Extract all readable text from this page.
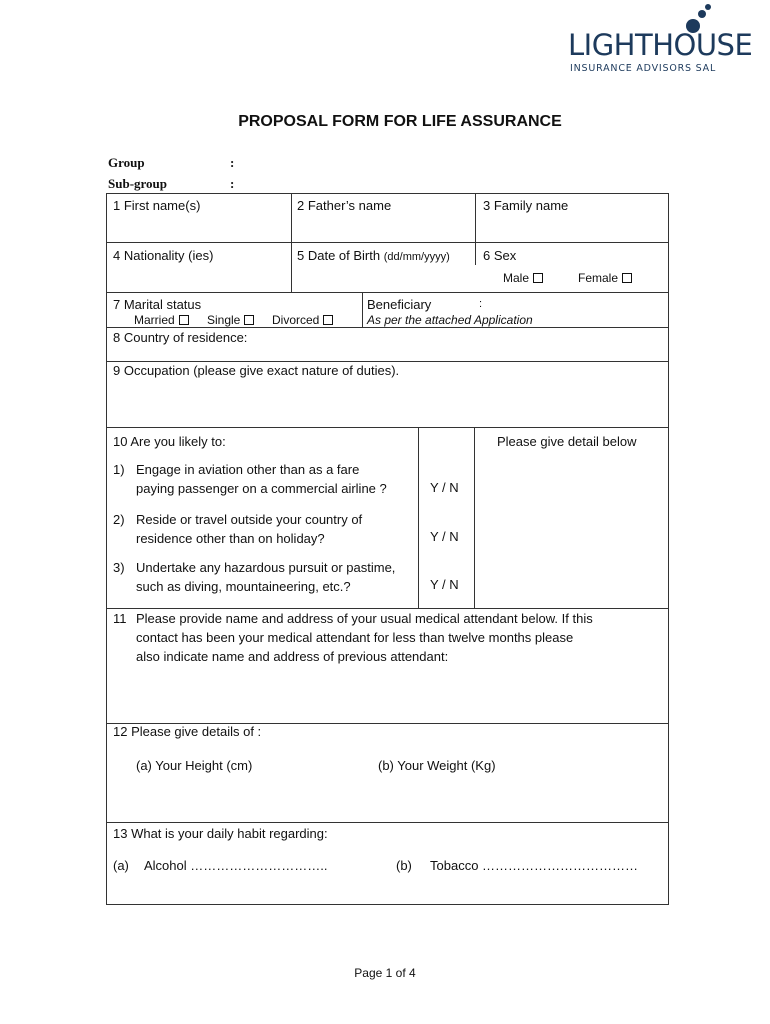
LIGHTHOUSE
INSURANCE ADVISORS SAL
PROPOSAL FORM FOR LIFE ASSURANCE
Group	:
Sub-group	:
1 First name(s)	2 Father’s name	3 Family name
4 Nationality (ies)	5 Date of Birth (dd/mm/yyyy)	6 Sex
Male	Female
7 Marital status
Married	Single	Divorced
Beneficiary	:
As per the attached Application
8 Country of residence:
9 Occupation (please give exact nature of duties).
10 Are you likely to:	Please give detail below
1) Engage in aviation other than as a fare
paying passenger on a commercial airline ?	Y / N
2) Reside or travel outside your country of
residence other than on holiday?	Y / N
3) Undertake any hazardous pursuit or pastime,
such as diving, mountaineering, etc.?	Y / N
11 Please provide name and address of your usual medical attendant below. If this
contact has been your medical attendant for less than twelve months please
also indicate name and address of previous attendant:
12 Please give details of :
(a) Your Height (cm)	(b) Your Weight (Kg)
13 What is your daily habit regarding:
(a) Alcohol …………………………..	(b) Tobacco ………………………………
Page 1 of 4
